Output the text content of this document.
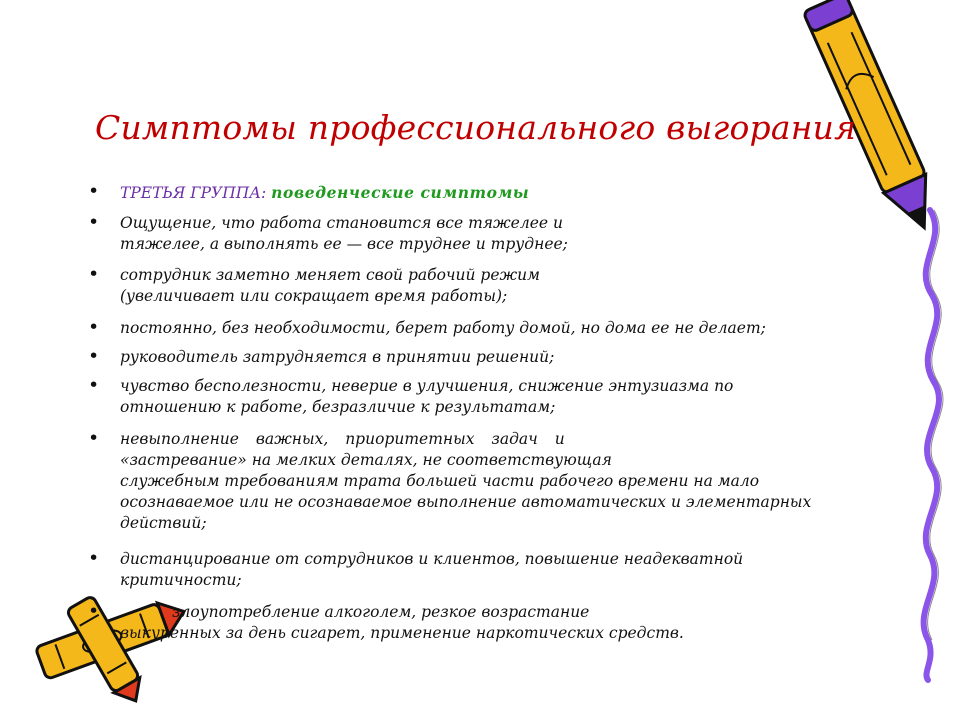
Симптомы профессионального выгорания
• ТРЕТЬЯ ГРУППА: поведенческие симптомы
• Ощущение, что работа становится все тяжелее и
тяжелее, а выполнять ее — все труднее и труднее;
• сотрудник заметно меняет свой рабочий режим
(увеличивает или сокращает время работы);
• постоянно, без необходимости, берет работу домой, но дома ее не делает;
• руководитель затрудняется в принятии решений;
• чувство бесполезности, неверие в улучшения, снижение энтузиазма по
отношению к работе, безразличие к результатам;
• невыполнение важных, приоритетных задач и
«застревание» на мелких деталях, не соответствующая
служебным требованиям трата большей части рабочего времени на мало
осознаваемое или не осознаваемое выполнение автоматических и элементарных
действий;
• дистанцирование от сотрудников и клиентов, повышение неадекватной
критичности;
•	злоупотребление алкоголем, резкое возрастание
выкуренных за день сигарет, применение наркотических средств.
